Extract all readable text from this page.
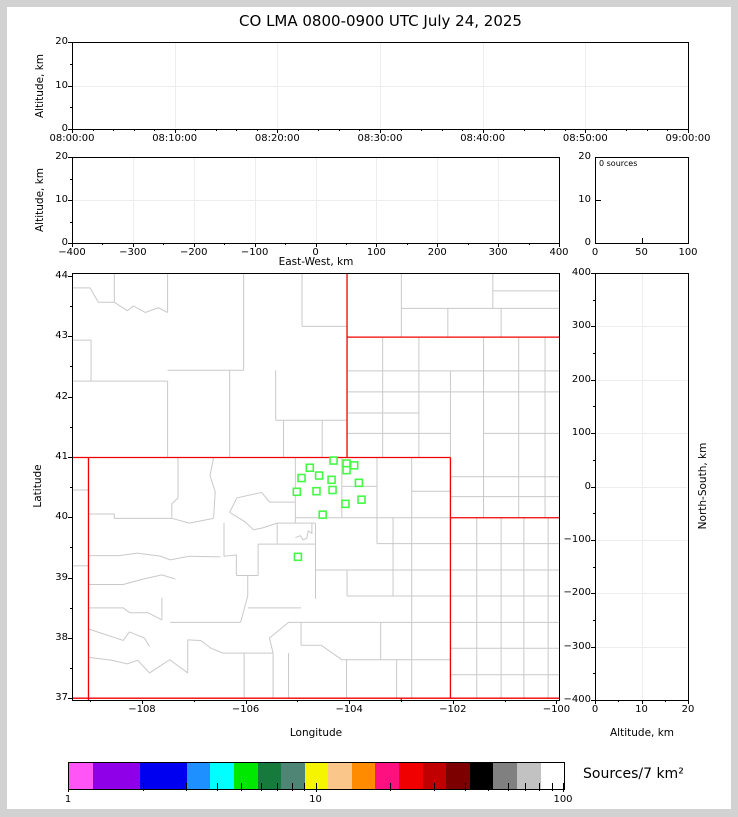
CO LMA 0800-0900 UTC July 24, 2025
Altitude, km
Altitude, km
East-West, km
0 sources
Latitude
Longitude
North-South, km
Altitude, km
Sources/7 km²
08:00:00	08:10:00	08:20:00	08:30:00	08:40:00	08:50:00	09:00:00
0
10
20
−400	−300	−200	−100	0	100	200	300	400
0
10
20
0	50	100
0
10
20
−108	−106	−104	−102	−100
44
43
42
41
40
39
38
37
0	10	20
400
300
200
100
0
−100
−200
−300
−400
1	10	100
